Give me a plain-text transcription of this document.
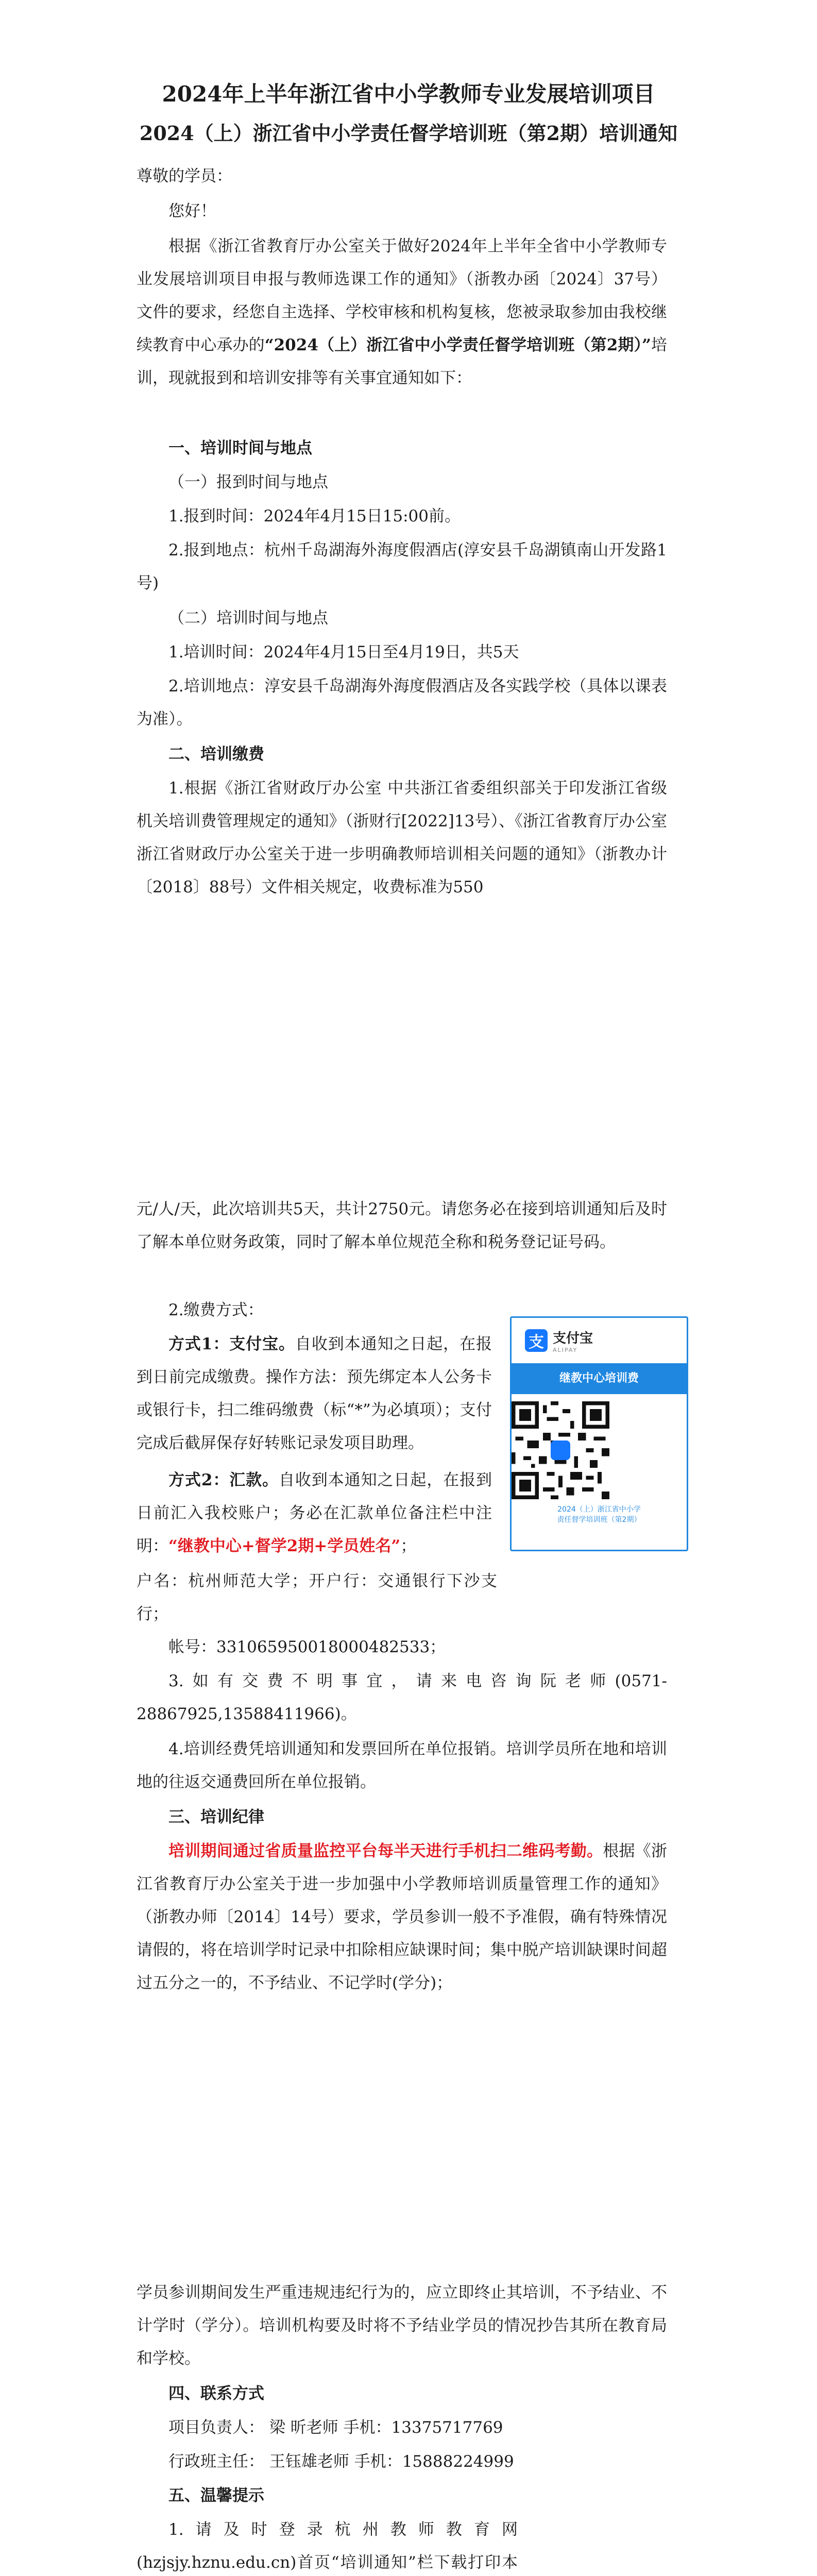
2024年上半年浙江省中小学教师专业发展培训项目
2024（上）浙江省中小学责任督学培训班（第2期）培训通知

尊敬的学员：

您好！

根据《浙江省教育厅办公室关于做好2024年上半年全省中小学教师专业发展培训项目申报与教师选课工作的通知》（浙教办函〔2024〕37号）文件的要求，经您自主选择、学校审核和机构复核，您被录取参加由我校继续教育中心承办的“2024（上）浙江省中小学责任督学培训班（第2期）”培训，现就报到和培训安排等有关事宜通知如下：

一、培训时间与地点

（一）报到时间与地点

1.报到时间：2024年4月15日15:00前。

2.报到地点：杭州千岛湖海外海度假酒店(淳安县千岛湖镇南山开发路1号)

（二）培训时间与地点

1.培训时间：2024年4月15日至4月19日，共5天

2.培训地点：淳安县千岛湖海外海度假酒店及各实践学校（具体以课表为准）。

二、培训缴费

1.根据《浙江省财政厅办公室 中共浙江省委组织部关于印发浙江省级机关培训费管理规定的通知》（浙财行[2022]13号）、《浙江省教育厅办公室浙江省财政厅办公室关于进一步明确教师培训相关问题的通知》（浙教办计〔2018〕88号）文件相关规定，收费标准为550

元/人/天，此次培训共5天，共计2750元。请您务必在接到培训通知后及时了解本单位财务政策，同时了解本单位规范全称和税务登记证号码。

2.缴费方式：

方式1：支付宝。自收到本通知之日起，在报到日前完成缴费。操作方法：预先绑定本人公务卡或银行卡，扫二维码缴费（标“*”为必填项）；支付完成后截屏保存好转账记录发项目助理。

方式2：汇款。自收到本通知之日起，在报到日前汇入我校账户；务必在汇款单位备注栏中注明：“继教中心+督学2期+学员姓名”；

户名：杭州师范大学；开户行：交通银行下沙支行；

帐号：331065950018000482533；

3.如有交费不明事宜，请来电咨询阮老师(0571-28867925,13588411966)。

4.培训经费凭培训通知和发票回所在单位报销。培训学员所在地和培训地的往返交通费回所在单位报销。

支 支付宝
ALIPAY
继教中心培训费
2024（上）浙江省中小学
责任督学培训班（第2期）

三、培训纪律

培训期间通过省质量监控平台每半天进行手机扫二维码考勤。根据《浙江省教育厅办公室关于进一步加强中小学教师培训质量管理工作的通知》（浙教办师〔2014〕14号）要求，学员参训一般不予准假，确有特殊情况请假的，将在培训学时记录中扣除相应缺课时间；集中脱产培训缺课时间超过五分之一的，不予结业、不记学时(学分)；

学员参训期间发生严重违规违纪行为的，应立即终止其培训，不予结业、不计学时（学分）。培训机构要及时将不予结业学员的情况抄告其所在教育局和学校。

四、联系方式

项目负责人： 梁 昕老师 手机：13375717769

行政班主任： 王钰雄老师 手机：15888224999

五、温馨提示

1.请及时登录杭州教师教育网(hzjsjy.hznu.edu.cn)首页“培训通知”栏下载打印本
